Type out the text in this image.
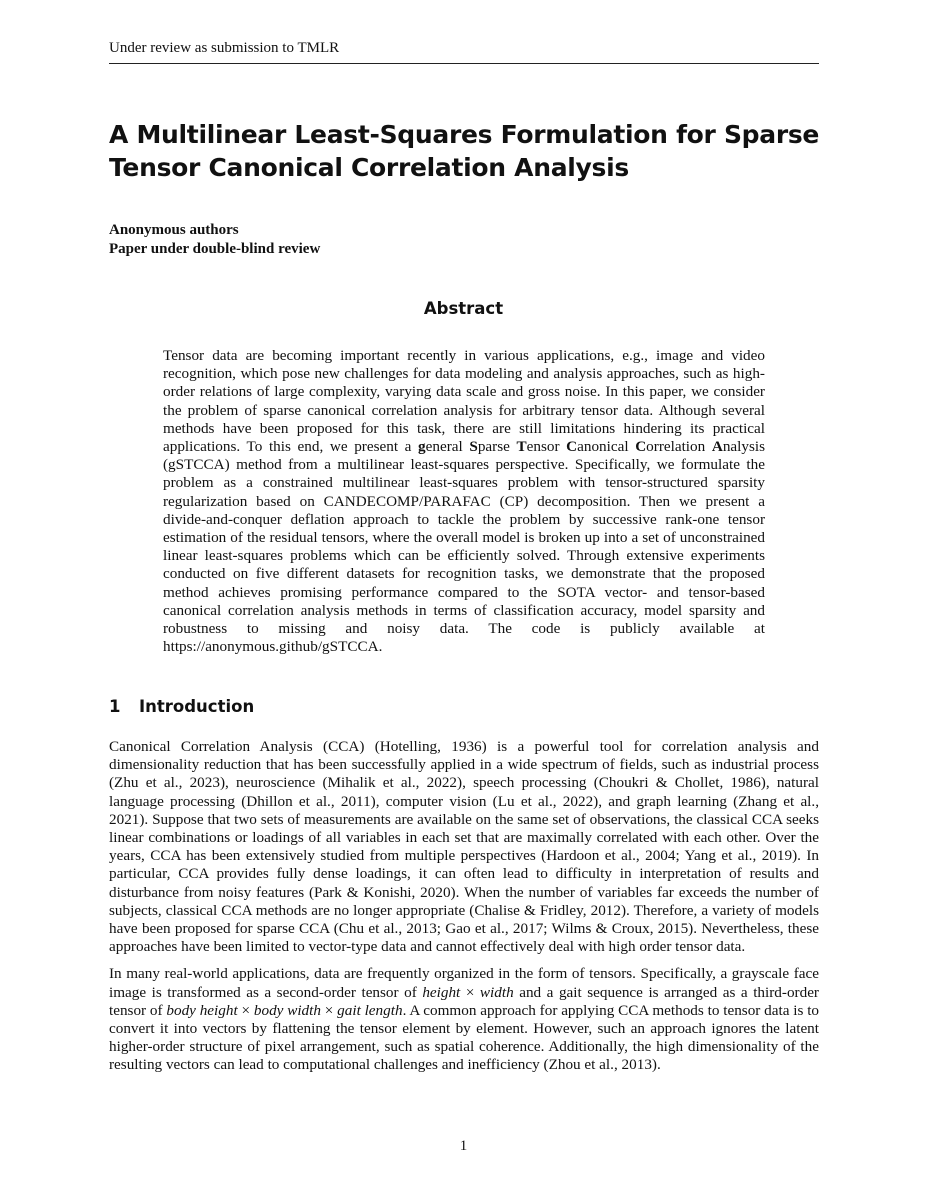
Under review as submission to TMLR
A Multilinear Least-Squares Formulation for Sparse Tensor Canonical Correlation Analysis
Anonymous authors
Paper under double-blind review
Abstract

Tensor data are becoming important recently in various applications, e.g., image and video recognition, which pose new challenges for data modeling and analysis approaches, such as high-order relations of large complexity, varying data scale and gross noise. In this paper, we consider the problem of sparse canonical correlation analysis for arbitrary tensor data. Although several methods have been proposed for this task, there are still limitations hindering its practical applications. To this end, we present a general Sparse Tensor Canonical Correlation Analysis (gSTCCA) method from a multilinear least-squares perspective. Specifically, we formulate the problem as a constrained multilinear least-squares problem with tensor-structured sparsity regularization based on CANDECOMP/PARAFAC (CP) decomposition. Then we present a divide-and-conquer deflation approach to tackle the problem by successive rank-one tensor estimation of the residual tensors, where the overall model is broken up into a set of unconstrained linear least-squares problems which can be efficiently solved. Through extensive experiments conducted on five different datasets for recognition tasks, we demonstrate that the proposed method achieves promising performance compared to the SOTA vector- and tensor-based canonical correlation analysis methods in terms of classification accuracy, model sparsity and robustness to missing and noisy data. The code is publicly available at https://anonymous.github/gSTCCA.

1 Introduction

Canonical Correlation Analysis (CCA) (Hotelling, 1936) is a powerful tool for correlation analysis and dimensionality reduction that has been successfully applied in a wide spectrum of fields, such as industrial process (Zhu et al., 2023), neuroscience (Mihalik et al., 2022), speech processing (Choukri & Chollet, 1986), natural language processing (Dhillon et al., 2011), computer vision (Lu et al., 2022), and graph learning (Zhang et al., 2021). Suppose that two sets of measurements are available on the same set of observations, the classical CCA seeks linear combinations or loadings of all variables in each set that are maximally correlated with each other. Over the years, CCA has been extensively studied from multiple perspectives (Hardoon et al., 2004; Yang et al., 2019). In particular, CCA provides fully dense loadings, it can often lead to difficulty in interpretation of results and disturbance from noisy features (Park & Konishi, 2020). When the number of variables far exceeds the number of subjects, classical CCA methods are no longer appropriate (Chalise & Fridley, 2012). Therefore, a variety of models have been proposed for sparse CCA (Chu et al., 2013; Gao et al., 2017; Wilms & Croux, 2015). Nevertheless, these approaches have been limited to vector-type data and cannot effectively deal with high order tensor data.

In many real-world applications, data are frequently organized in the form of tensors. Specifically, a grayscale face image is transformed as a second-order tensor of height × width and a gait sequence is arranged as a third-order tensor of body height × body width × gait length. A common approach for applying CCA methods to tensor data is to convert it into vectors by flattening the tensor element by element. However, such an approach ignores the latent higher-order structure of pixel arrangement, such as spatial coherence. Additionally, the high dimensionality of the resulting vectors can lead to computational challenges and inefficiency (Zhou et al., 2013).

1
